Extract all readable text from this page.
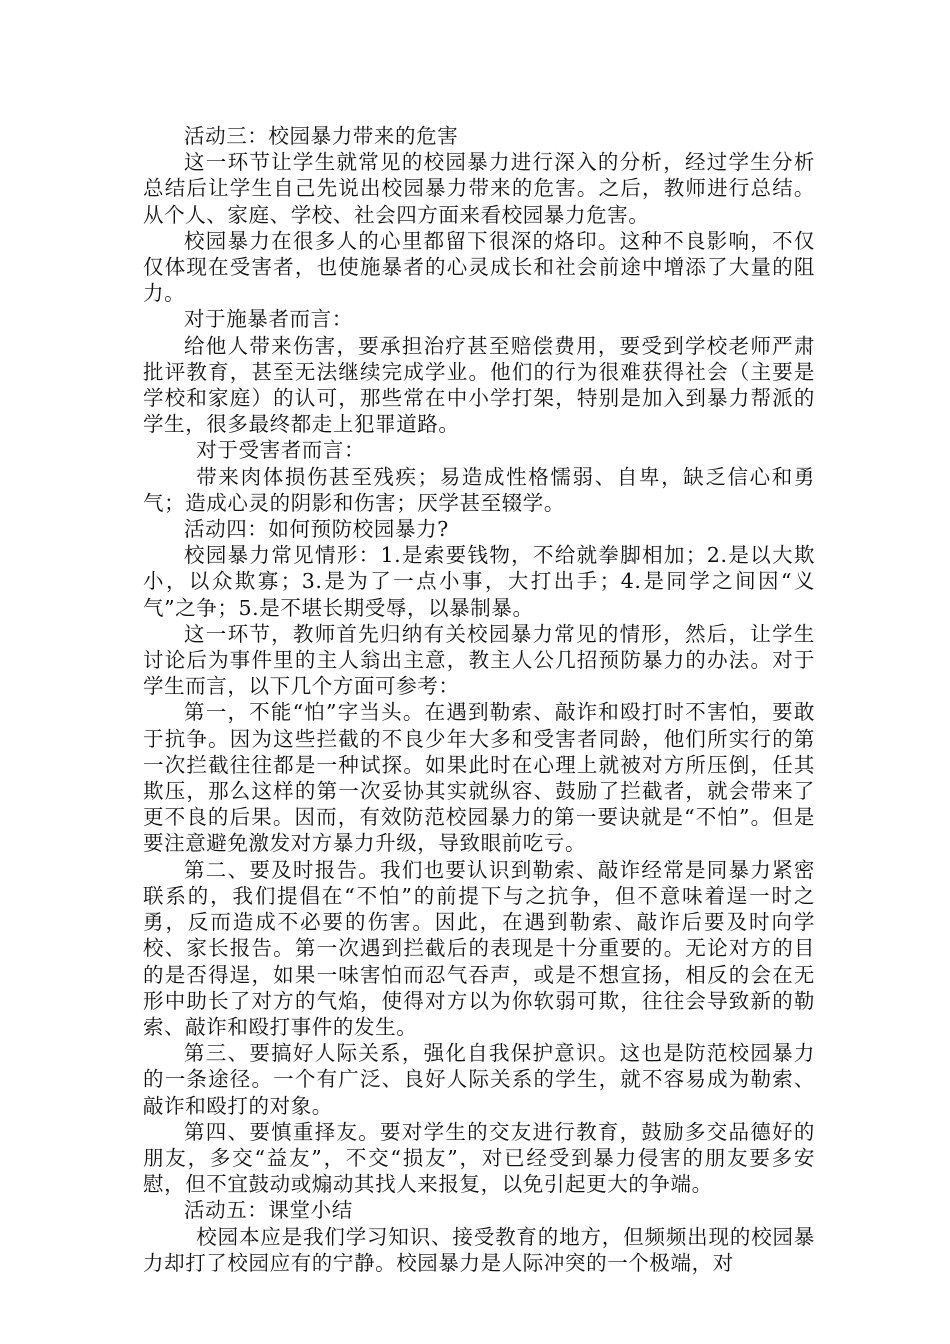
活动三：校园暴力带来的危害

这一环节让学生就常见的校园暴力进行深入的分析，经过学生分析总结后让学生自己先说出校园暴力带来的危害。之后，教师进行总结。 从个人、家庭、学校、社会四方面来看校园暴力危害。

校园暴力在很多人的心里都留下很深的烙印。这种不良影响，不仅仅体现在受害者，也使施暴者的心灵成长和社会前途中增添了大量的阻力。

对于施暴者而言：

给他人带来伤害，要承担治疗甚至赔偿费用，要受到学校老师严肃批评教育，甚至无法继续完成学业。他们的行为很难获得社会（主要是学校和家庭）的认可，那些常在中小学打架，特别是加入到暴力帮派的学生，很多最终都走上犯罪道路。

对于受害者而言：

带来肉体损伤甚至残疾；易造成性格懦弱、自卑，缺乏信心和勇气；造成心灵的阴影和伤害；厌学甚至辍学。

活动四：如何预防校园暴力?

校园暴力常见情形：1.是索要钱物，不给就拳脚相加；2.是以大欺小，以众欺寡；3.是为了一点小事，大打出手；4.是同学之间因“义气”之争；5.是不堪长期受辱，以暴制暴。

这一环节，教师首先归纳有关校园暴力常见的情形，然后，让学生讨论后为事件里的主人翁出主意，教主人公几招预防暴力的办法。对于学生而言，以下几个方面可参考：

第一，不能“怕”字当头。在遇到勒索、敲诈和殴打时不害怕，要敢于抗争。因为这些拦截的不良少年大多和受害者同龄，他们所实行的第一次拦截往往都是一种试探。如果此时在心理上就被对方所压倒，任其欺压，那么这样的第一次妥协其实就纵容、鼓励了拦截者，就会带来了更不良的后果。因而，有效防范校园暴力的第一要诀就是“不怕”。但是要注意避免激发对方暴力升级，导致眼前吃亏。

第二、要及时报告。我们也要认识到勒索、敲诈经常是同暴力紧密联系的，我们提倡在“不怕”的前提下与之抗争，但不意味着逞一时之勇，反而造成不必要的伤害。因此，在遇到勒索、敲诈后要及时向学校、家长报告。第一次遇到拦截后的表现是十分重要的。无论对方的目的是否得逞，如果一味害怕而忍气吞声，或是不想宣扬，相反的会在无形中助长了对方的气焰，使得对方以为你软弱可欺，往往会导致新的勒索、敲诈和殴打事件的发生。

第三、要搞好人际关系，强化自我保护意识。这也是防范校园暴力的一条途径。一个有广泛、良好人际关系的学生，就不容易成为勒索、敲诈和殴打的对象。

第四、要慎重择友。要对学生的交友进行教育，鼓励多交品德好的朋友，多交“益友”，不交“损友”，对已经受到暴力侵害的朋友要多安慰，但不宜鼓动或煽动其找人来报复，以免引起更大的争端。

活动五：课堂小结

校园本应是我们学习知识、接受教育的地方，但频频出现的校园暴力却打了校园应有的宁静。校园暴力是人际冲突的一个极端，对
